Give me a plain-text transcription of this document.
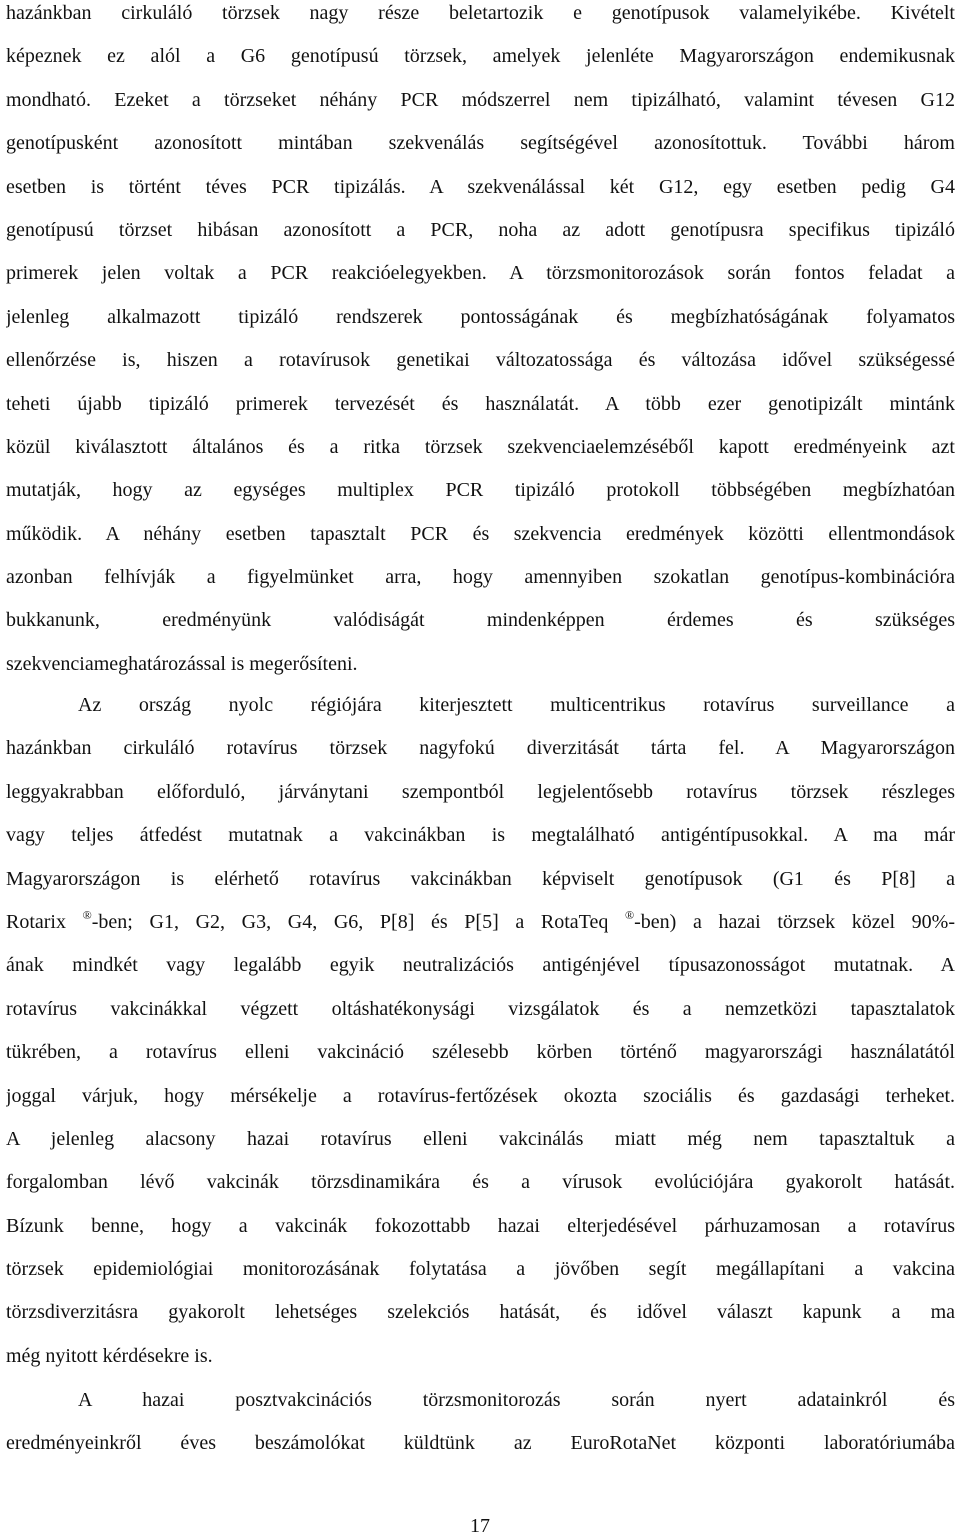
hazánkban cirkuláló törzsek nagy része beletartozik e genotípusok valamelyikébe. Kivételt
képeznek ez alól a G6 genotípusú törzsek, amelyek jelenléte Magyarországon endemikusnak
mondható. Ezeket a törzseket néhány PCR módszerrel nem tipizálható, valamint tévesen G12
genotípusként azonosított mintában szekvenálás segítségével azonosítottuk. További három
esetben is történt téves PCR tipizálás. A szekvenálással két G12, egy esetben pedig G4
genotípusú törzset hibásan azonosított a PCR, noha az adott genotípusra specifikus tipizáló
primerek jelen voltak a PCR reakcióelegyekben. A törzsmonitorozások során fontos feladat a
jelenleg alkalmazott tipizáló rendszerek pontosságának és megbízhatóságának folyamatos
ellenőrzése is, hiszen a rotavírusok genetikai változatossága és változása idővel szükségessé
teheti újabb tipizáló primerek tervezését és használatát. A több ezer genotipizált mintánk
közül kiválasztott általános és a ritka törzsek szekvenciaelemzéséből kapott eredményeink azt
mutatják, hogy az egységes multiplex PCR tipizáló protokoll többségében megbízhatóan
működik. A néhány esetben tapasztalt PCR és szekvencia eredmények közötti ellentmondások
azonban felhívják a figyelmünket arra, hogy amennyiben szokatlan genotípus-kombinációra
bukkanunk, eredményünk valódiságát mindenképpen érdemes és szükséges
szekvenciameghatározással is megerősíteni.
Az ország nyolc régiójára kiterjesztett multicentrikus rotavírus surveillance a
hazánkban cirkuláló rotavírus törzsek nagyfokú diverzitását tárta fel. A Magyarországon
leggyakrabban előforduló, járványtani szempontból legjelentősebb rotavírus törzsek részleges
vagy teljes átfedést mutatnak a vakcinákban is megtalálható antigéntípusokkal. A ma már
Magyarországon is elérhető rotavírus vakcinákban képviselt genotípusok (G1 és P[8] a
Rotarix ®-ben; G1, G2, G3, G4, G6, P[8] és P[5] a RotaTeq ®-ben) a hazai törzsek közel 90%-
ának mindkét vagy legalább egyik neutralizációs antigénjével típusazonosságot mutatnak. A
rotavírus vakcinákkal végzett oltáshatékonysági vizsgálatok és a nemzetközi tapasztalatok
tükrében, a rotavírus elleni vakcináció szélesebb körben történő magyarországi használatától
joggal várjuk, hogy mérsékelje a rotavírus-fertőzések okozta szociális és gazdasági terheket.
A jelenleg alacsony hazai rotavírus elleni vakcinálás miatt még nem tapasztaltuk a
forgalomban lévő vakcinák törzsdinamikára és a vírusok evolúciójára gyakorolt hatását.
Bízunk benne, hogy a vakcinák fokozottabb hazai elterjedésével párhuzamosan a rotavírus
törzsek epidemiológiai monitorozásának folytatása a jövőben segít megállapítani a vakcina
törzsdiverzitásra gyakorolt lehetséges szelekciós hatását, és idővel választ kapunk a ma
még nyitott kérdésekre is.
A hazai posztvakcinációs törzsmonitorozás során nyert adatainkról és
eredményeinkről éves beszámolókat küldtünk az EuroRotaNet központi laboratóriumába
17
